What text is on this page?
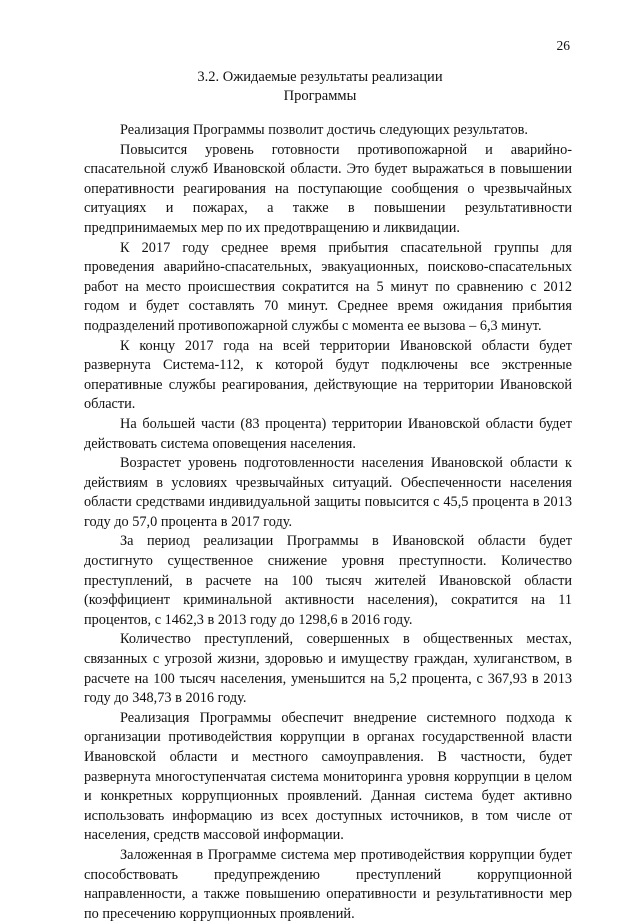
26
3.2. Ожидаемые результаты реализации
Программы

Реализация Программы позволит достичь следующих результатов.

Повысится уровень готовности противопожарной и аварийно-спасательной служб Ивановской области. Это будет выражаться в повышении оперативности реагирования на поступающие сообщения о чрезвычайных ситуациях и пожарах, а также в повышении результативности предпринимаемых мер по их предотвращению и ликвидации.

К 2017 году среднее время прибытия спасательной группы для проведения аварийно-спасательных, эвакуационных, поисково-спасательных работ на место происшествия сократится на 5 минут по сравнению с 2012 годом и будет составлять 70 минут. Среднее время ожидания прибытия подразделений противопожарной службы с момента ее вызова – 6,3 минут.

К концу 2017 года на всей территории Ивановской области будет развернута Система-112, к которой будут подключены все экстренные оперативные службы реагирования, действующие на территории Ивановской области.

На большей части (83 процента) территории Ивановской области будет действовать система оповещения населения.

Возрастет уровень подготовленности населения Ивановской области к действиям в условиях чрезвычайных ситуаций. Обеспеченности населения области средствами индивидуальной защиты повысится с 45,5 процента в 2013 году до 57,0 процента в 2017 году.

За период реализации Программы в Ивановской области будет достигнуто существенное снижение уровня преступности. Количество преступлений, в расчете на 100 тысяч жителей Ивановской области (коэффициент криминальной активности населения), сократится на 11 процентов, с 1462,3 в 2013 году до 1298,6 в 2016 году.

Количество преступлений, совершенных в общественных местах, связанных с угрозой жизни, здоровью и имуществу граждан, хулиганством, в расчете на 100 тысяч населения, уменьшится на 5,2 процента, с 367,93 в 2013 году до 348,73 в 2016 году.

Реализация Программы обеспечит внедрение системного подхода к организации противодействия коррупции в органах государственной власти Ивановской области и местного самоуправления. В частности, будет развернута многоступенчатая система мониторинга уровня коррупции в целом и конкретных коррупционных проявлений. Данная система будет активно использовать информацию из всех доступных источников, в том числе от населения, средств массовой информации.

Заложенная в Программе система мер противодействия коррупции будет способствовать предупреждению преступлений коррупционной направленности, а также повышению оперативности и результативности мер по пресечению коррупционных проявлений.
